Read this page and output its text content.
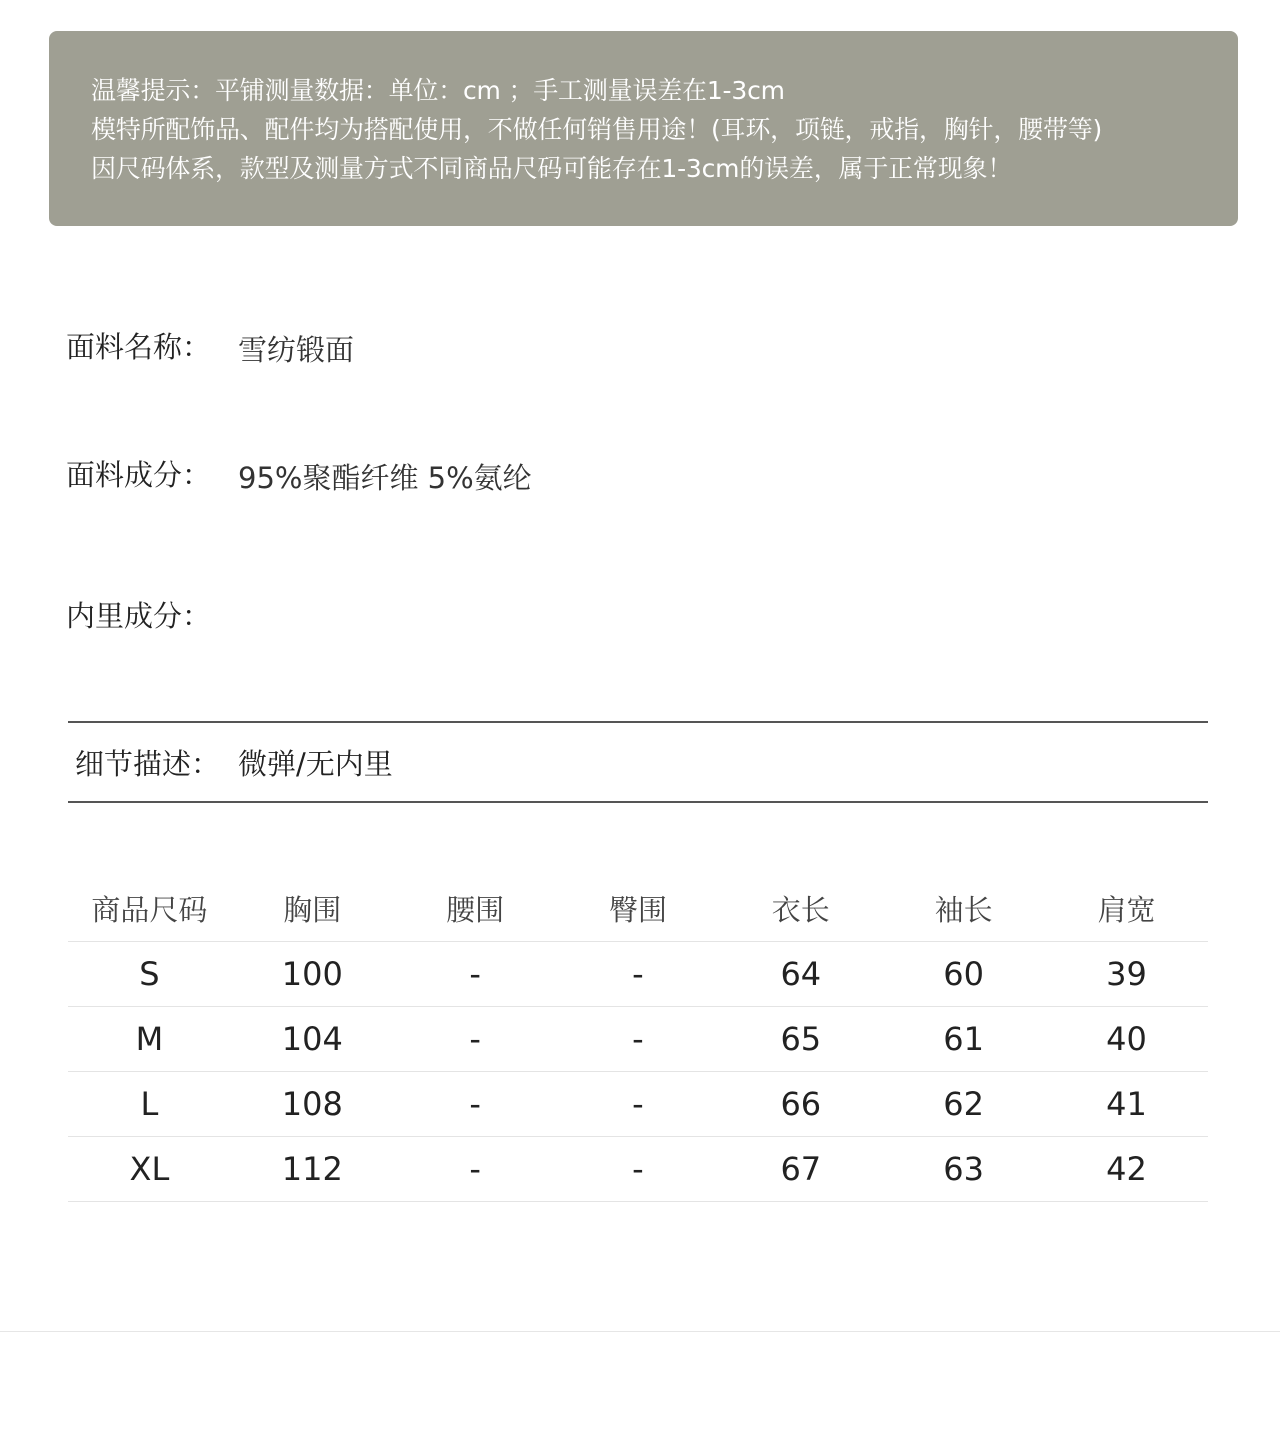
温馨提示：平铺测量数据：单位：cm ；手工测量误差在1-3cm
模特所配饰品、配件均为搭配使用，不做任何销售用途！(耳环，项链，戒指，胸针，腰带等)
因尺码体系，款型及测量方式不同商品尺码可能存在1-3cm的误差，属于正常现象！
面料名称： 雪纺锻面
面料成分： 95%聚酯纤维 5%氨纶
内里成分：
细节描述： 微弹/无内里
商品尺码	胸围	腰围	臀围	衣长	袖长	肩宽
S	100	-	-	64	60	39
M	104	-	-	65	61	40
L	108	-	-	66	62	41
XL	112	-	-	67	63	42
